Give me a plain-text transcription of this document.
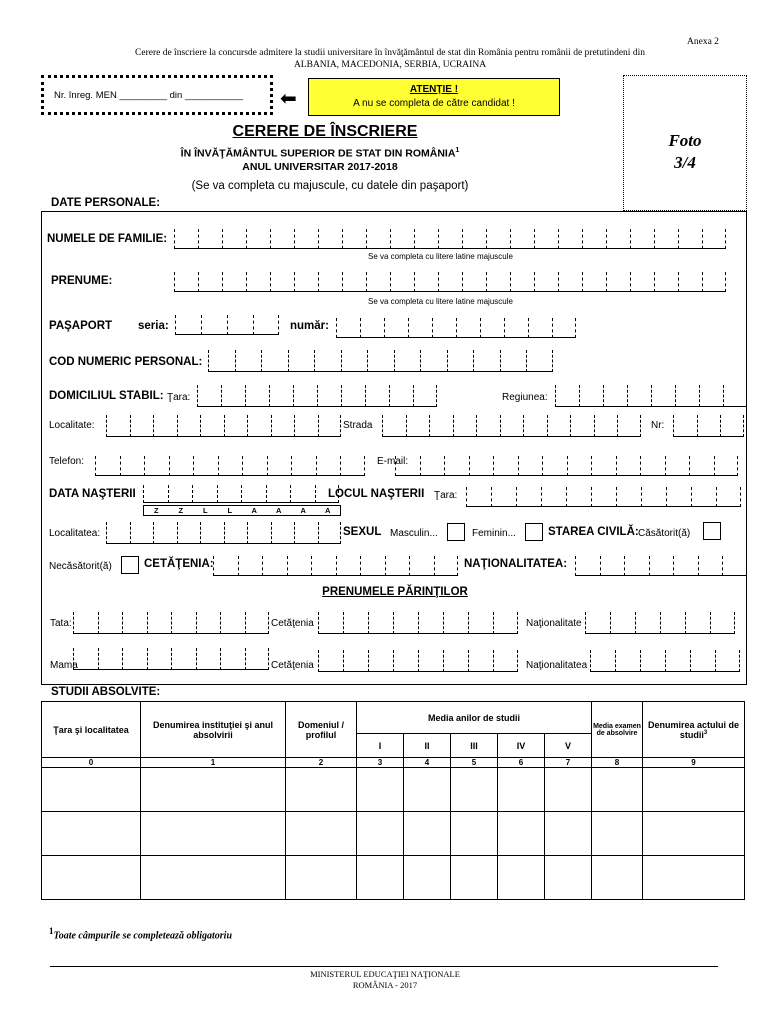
Anexa 2
Cerere de înscriere la concursde admitere la studii universitare în învăţământul de stat din România pentru românii de pretutindeni din
ALBANIA, MACEDONIA, SERBIA, UCRAINA
Nr. înreg. MEN _________ din ___________ ⬅	ATENŢIE !
A nu se completa de către candidat !
Foto
3/4
CERERE DE ÎNSCRIERE
ÎN ÎNVĂŢĂMÂNTUL SUPERIOR DE STAT DIN ROMÂNIA$^1$
ANUL UNIVERSITAR 2017-2018
(Se va completa cu majuscule, cu datele din paşaport)
DATE PERSONALE:
NUMELE DE FAMILIE:
Se va completa cu litere latine majuscule
PRENUME:
Se va completa cu litere latine majuscule
PAŞAPORT seria:	număr:
COD NUMERIC PERSONAL:
DOMICILIUL STABIL: Ţara:	Regiunea:
Localitate:	Strada	Nr:
Telefon:	E-mail:
DATA NAŞTERII
Z	Z	L	L	A	A	A	A
LOCUL NAŞTERII Ţara:
Localitatea:	SEXUL Masculin...	Feminin...	STAREA CIVILĂ: Căsătorit(ă)
Necăsătorit(ă)	CETĂŢENIA:	NAŢIONALITATEA:
PRENUMELE PĂRINŢILOR
Tata:	Cetăţenia	Naţionalitate
Mama	Cetăţenia	Naţionalitatea
STUDII ABSOLVITE:
Ţara şi localitatea	Denumirea instituţiei şi anul absolvirii	Domeniul / profilul	Media anilor de studii					Media examen de absolvire	Denumirea actului de studii$^3$
			I	II	III	IV	V		
0	1	2	3	4	5	6	7	8	9

$^1$Toate câmpurile se completează obligatoriu
MINISTERUL EDUCAŢIEI NAŢIONALE
ROMÂNIA - 2017
